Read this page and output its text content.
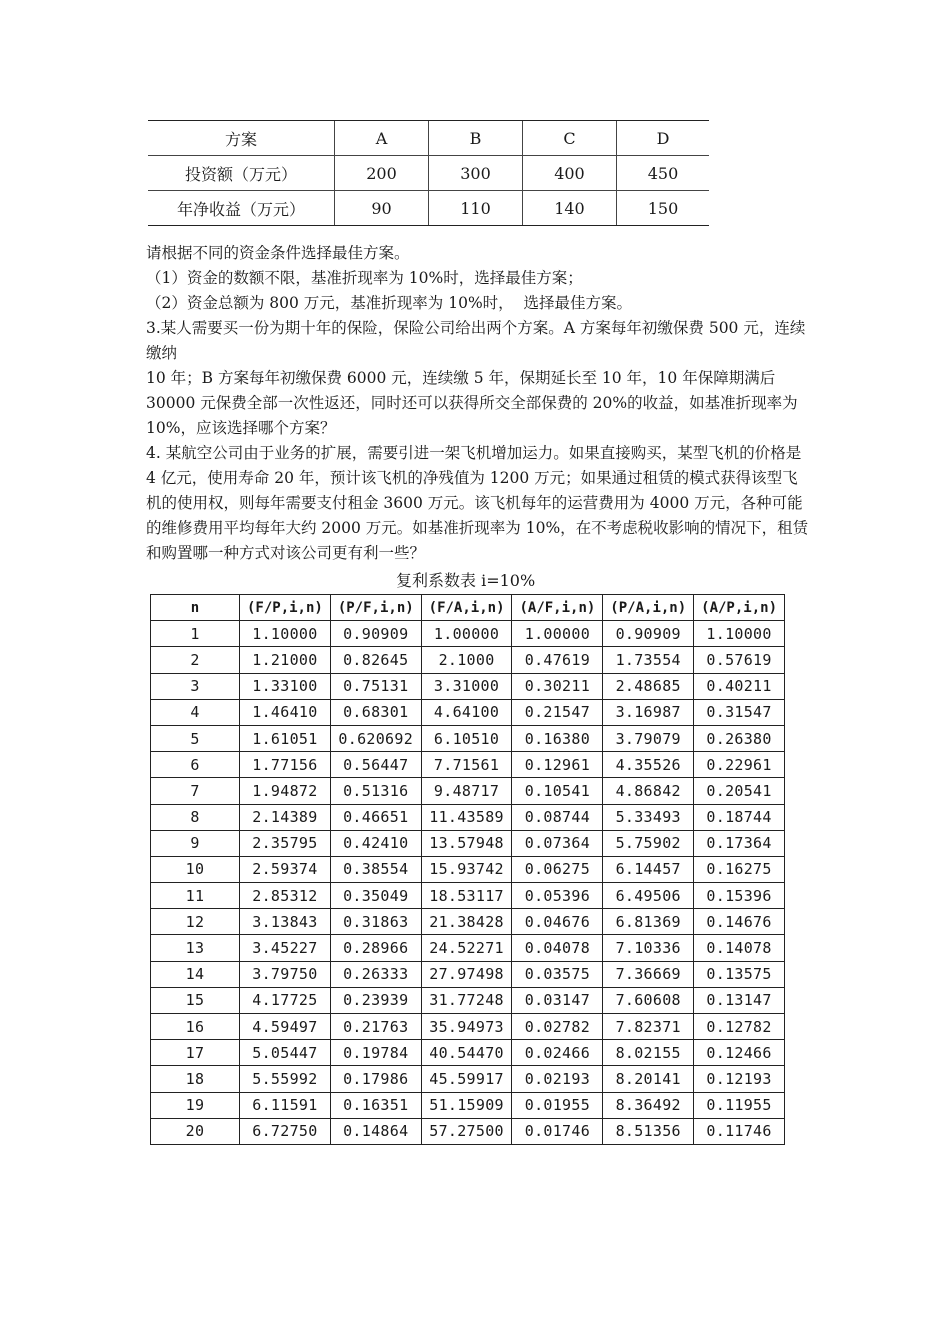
方案	A	B	C	D
投资额（万元）	200	300	400	450
年净收益（万元）	90	110	140	150

请根据不同的资金条件选择最佳方案。

（1）资金的数额不限，基准折现率为 10%时，选择最佳方案；

（2）资金总额为 800 万元，基准折现率为 10%时，  选择最佳方案。

3.某人需要买一份为期十年的保险，保险公司给出两个方案。A 方案每年初缴保费 500 元，连续缴纳

10 年；B 方案每年初缴保费 6000 元，连续缴 5 年，保期延长至 10 年，10 年保障期满后 30000 元保费全部一次性返还，同时还可以获得所交全部保费的 20%的收益，如基准折现率为 10%，应该选择哪个方案？

4. 某航空公司由于业务的扩展，需要引进一架飞机增加运力。如果直接购买，某型飞机的价格是 4 亿元，使用寿命 20 年，预计该飞机的净残值为 1200 万元；如果通过租赁的模式获得该型飞机的使用权，则每年需要支付租金 3600 万元。该飞机每年的运营费用为 4000 万元，各种可能的维修费用平均每年大约 2000 万元。如基准折现率为 10%，在不考虑税收影响的情况下，租赁和购置哪一种方式对该公司更有利一些？

复利系数表 i=10%
n	(F/P,i,n)	(P/F,i,n)	(F/A,i,n)	(A/F,i,n)	(P/A,i,n)	(A/P,i,n)
1	1.10000	0.90909	1.00000	1.00000	0.90909	1.10000
2	1.21000	0.82645	2.1000	0.47619	1.73554	0.57619
3	1.33100	0.75131	3.31000	0.30211	2.48685	0.40211
4	1.46410	0.68301	4.64100	0.21547	3.16987	0.31547
5	1.61051	0.620692	6.10510	0.16380	3.79079	0.26380
6	1.77156	0.56447	7.71561	0.12961	4.35526	0.22961
7	1.94872	0.51316	9.48717	0.10541	4.86842	0.20541
8	2.14389	0.46651	11.43589	0.08744	5.33493	0.18744
9	2.35795	0.42410	13.57948	0.07364	5.75902	0.17364
10	2.59374	0.38554	15.93742	0.06275	6.14457	0.16275
11	2.85312	0.35049	18.53117	0.05396	6.49506	0.15396
12	3.13843	0.31863	21.38428	0.04676	6.81369	0.14676
13	3.45227	0.28966	24.52271	0.04078	7.10336	0.14078
14	3.79750	0.26333	27.97498	0.03575	7.36669	0.13575
15	4.17725	0.23939	31.77248	0.03147	7.60608	0.13147
16	4.59497	0.21763	35.94973	0.02782	7.82371	0.12782
17	5.05447	0.19784	40.54470	0.02466	8.02155	0.12466
18	5.55992	0.17986	45.59917	0.02193	8.20141	0.12193
19	6.11591	0.16351	51.15909	0.01955	8.36492	0.11955
20	6.72750	0.14864	57.27500	0.01746	8.51356	0.11746
